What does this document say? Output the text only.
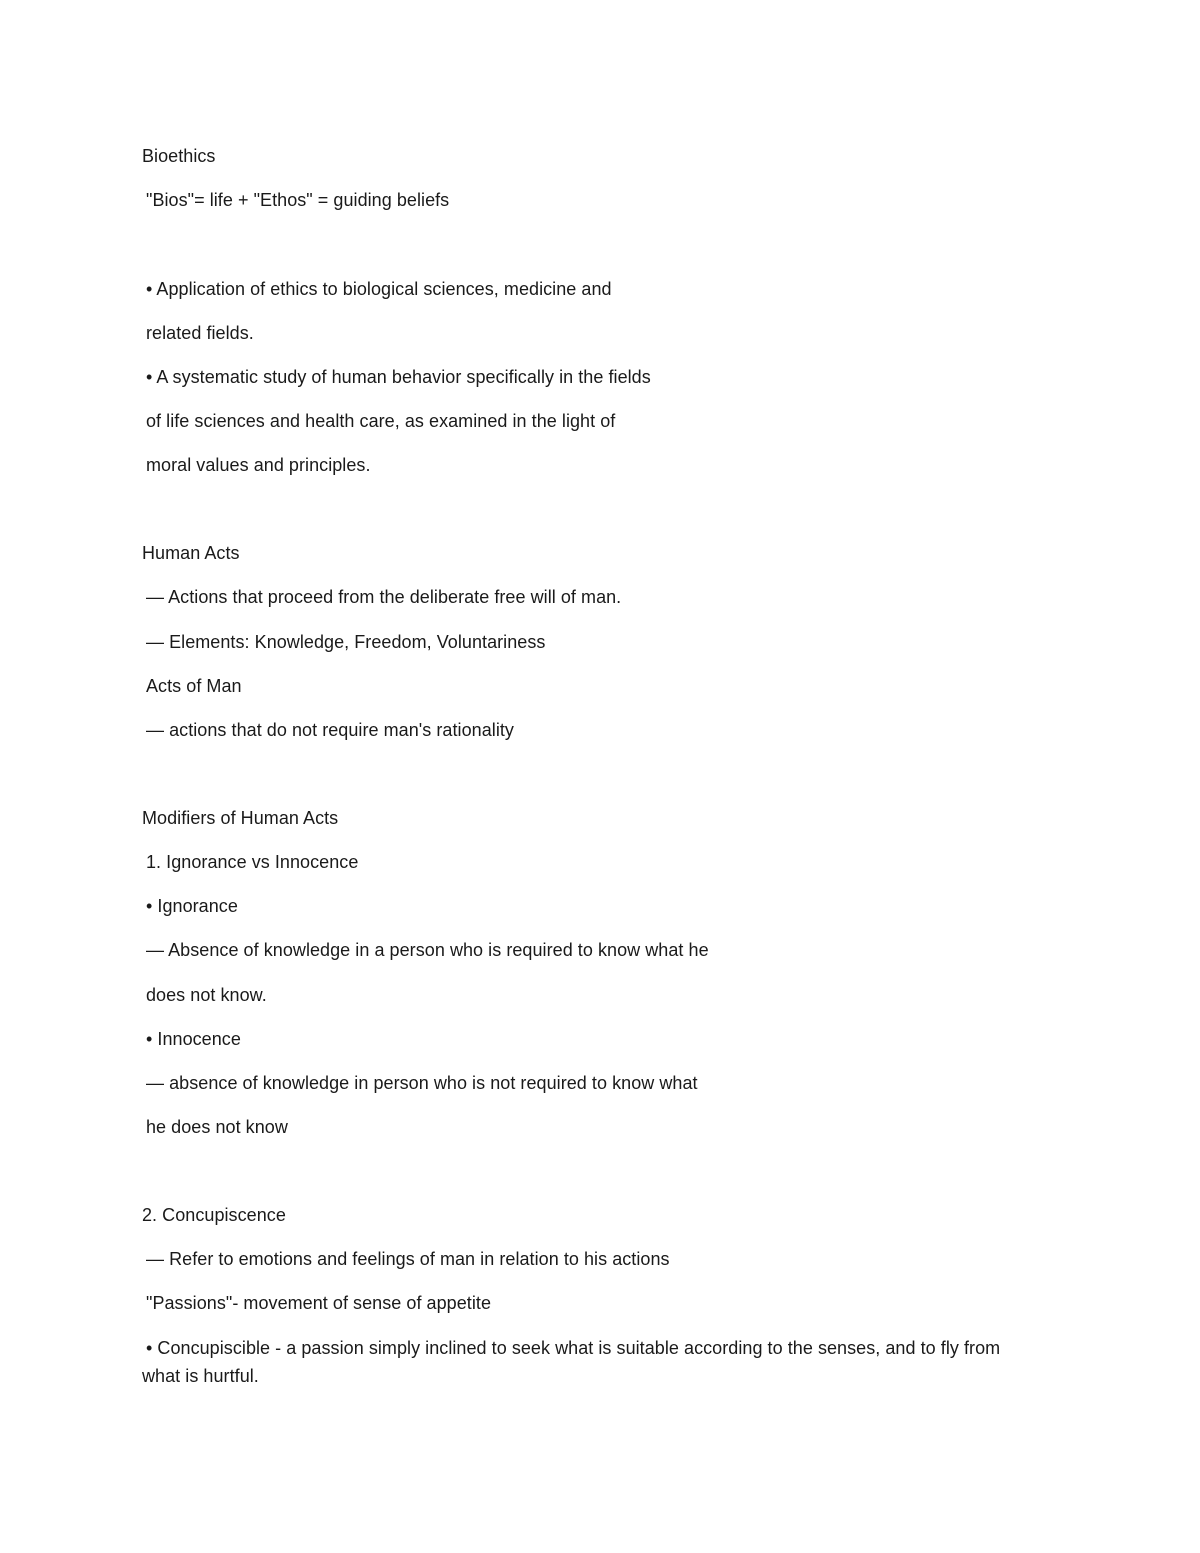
Bioethics
"Bios"= life + "Ethos" = guiding beliefs
• Application of ethics to biological sciences, medicine and
related fields.
• A systematic study of human behavior specifically in the fields
of life sciences and health care, as examined in the light of
moral values and principles.
Human Acts
— Actions that proceed from the deliberate free will of man.
— Elements: Knowledge, Freedom, Voluntariness
Acts of Man
— actions that do not require man's rationality
Modifiers of Human Acts
1. Ignorance vs Innocence
• Ignorance
— Absence of knowledge in a person who is required to know what he
does not know.
• Innocence
— absence of knowledge in person who is not required to know what
he does not know
2. Concupiscence
— Refer to emotions and feelings of man in relation to his actions
"Passions"- movement of sense of appetite
• Concupiscible - a passion simply inclined to seek what is suitable according to the senses, and to fly from what is hurtful.
